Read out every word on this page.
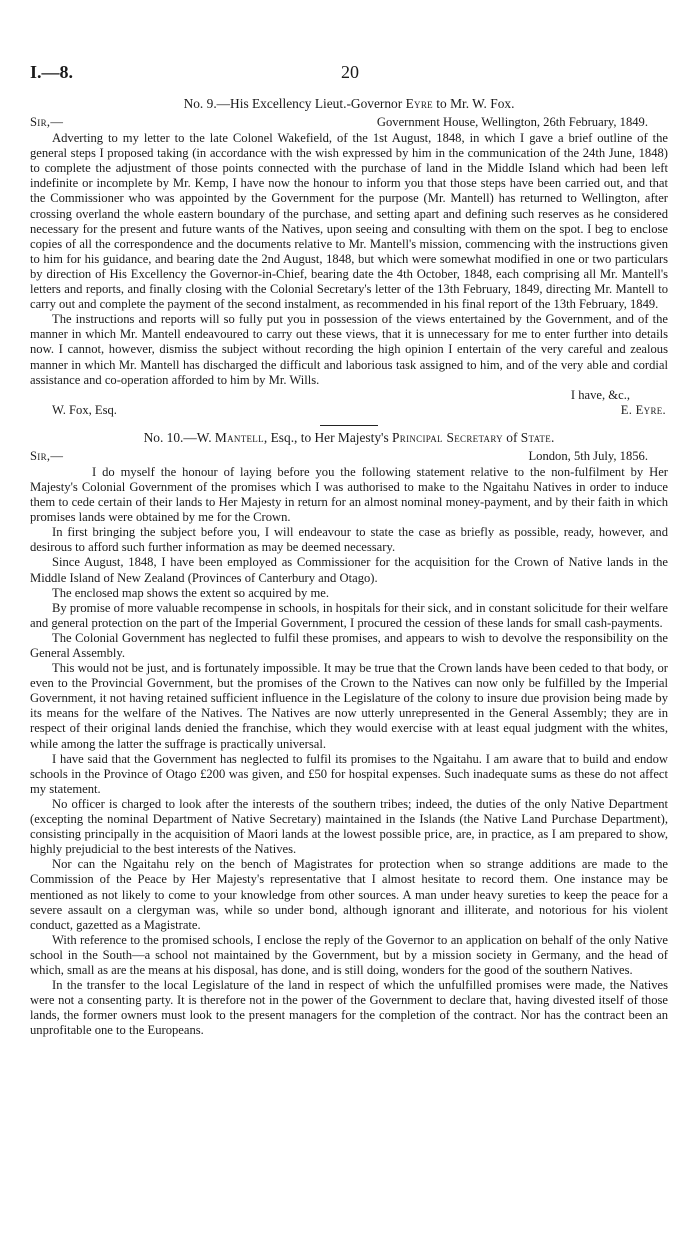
I.—8.	20

No. 9.—His Excellency Lieut.-Governor Eyre to Mr. W. Fox.

Sir,—	Government House, Wellington, 26th February, 1849.

Adverting to my letter to the late Colonel Wakefield, of the 1st August, 1848, in which I gave a brief outline of the general steps I proposed taking (in accordance with the wish expressed by him in the communication of the 24th June, 1848) to complete the adjustment of those points connected with the purchase of land in the Middle Island which had been left indefinite or incomplete by Mr. Kemp, I have now the honour to inform you that those steps have been carried out, and that the Commissioner who was appointed by the Government for the purpose (Mr. Mantell) has returned to Wellington, after crossing overland the whole eastern boundary of the purchase, and setting apart and defining such reserves as he considered necessary for the present and future wants of the Natives, upon seeing and consulting with them on the spot. I beg to enclose copies of all the correspondence and the documents relative to Mr. Mantell's mission, commencing with the instructions given to him for his guidance, and bearing date the 2nd August, 1848, but which were somewhat modified in one or two particulars by direction of His Excellency the Governor-in-Chief, bearing date the 4th October, 1848, each comprising all Mr. Mantell's letters and reports, and finally closing with the Colonial Secretary's letter of the 13th February, 1849, directing Mr. Mantell to carry out and complete the payment of the second instalment, as recommended in his final report of the 13th February, 1849.

The instructions and reports will so fully put you in possession of the views entertained by the Government, and of the manner in which Mr. Mantell endeavoured to carry out these views, that it is unnecessary for me to enter further into details now. I cannot, however, dismiss the subject without recording the high opinion I entertain of the very careful and zealous manner in which Mr. Mantell has discharged the difficult and laborious task assigned to him, and of the very able and cordial assistance and co-operation afforded to him by Mr. Wills.

I have, &c.,

W. Fox, Esq.	E. Eyre.

No. 10.—W. Mantell, Esq., to Her Majesty's Principal Secretary of State.

Sir,—	London, 5th July, 1856.

I do myself the honour of laying before you the following statement relative to the non-fulfilment by Her Majesty's Colonial Government of the promises which I was authorised to make to the Ngaitahu Natives in order to induce them to cede certain of their lands to Her Majesty in return for an almost nominal money-payment, and by their faith in which promises lands were obtained by me for the Crown.

In first bringing the subject before you, I will endeavour to state the case as briefly as possible, ready, however, and desirous to afford such further information as may be deemed necessary.

Since August, 1848, I have been employed as Commissioner for the acquisition for the Crown of Native lands in the Middle Island of New Zealand (Provinces of Canterbury and Otago).

The enclosed map shows the extent so acquired by me.

By promise of more valuable recompense in schools, in hospitals for their sick, and in constant solicitude for their welfare and general protection on the part of the Imperial Government, I procured the cession of these lands for small cash-payments.

The Colonial Government has neglected to fulfil these promises, and appears to wish to devolve the responsibility on the General Assembly.

This would not be just, and is fortunately impossible. It may be true that the Crown lands have been ceded to that body, or even to the Provincial Government, but the promises of the Crown to the Natives can now only be fulfilled by the Imperial Government, it not having retained sufficient influence in the Legislature of the colony to insure due provision being made by its means for the welfare of the Natives. The Natives are now utterly unrepresented in the General Assembly; they are in respect of their original lands denied the franchise, which they would exercise with at least equal judgment with the whites, while among the latter the suffrage is practically universal.

I have said that the Government has neglected to fulfil its promises to the Ngaitahu. I am aware that to build and endow schools in the Province of Otago £200 was given, and £50 for hospital expenses. Such inadequate sums as these do not affect my statement.

No officer is charged to look after the interests of the southern tribes; indeed, the duties of the only Native Department (excepting the nominal Department of Native Secretary) maintained in the Islands (the Native Land Purchase Department), consisting principally in the acquisition of Maori lands at the lowest possible price, are, in practice, as I am prepared to show, highly prejudicial to the best interests of the Natives.

Nor can the Ngaitahu rely on the bench of Magistrates for protection when so strange additions are made to the Commission of the Peace by Her Majesty's representative that I almost hesitate to record them. One instance may be mentioned as not likely to come to your knowledge from other sources. A man under heavy sureties to keep the peace for a severe assault on a clergyman was, while so under bond, although ignorant and illiterate, and notorious for his violent conduct, gazetted as a Magistrate.

With reference to the promised schools, I enclose the reply of the Governor to an application on behalf of the only Native school in the South—a school not maintained by the Government, but by a mission society in Germany, and the head of which, small as are the means at his disposal, has done, and is still doing, wonders for the good of the southern Natives.

In the transfer to the local Legislature of the land in respect of which the unfulfilled promises were made, the Natives were not a consenting party. It is therefore not in the power of the Government to declare that, having divested itself of those lands, the former owners must look to the present managers for the completion of the contract. Nor has the contract been an unprofitable one to the Europeans.
